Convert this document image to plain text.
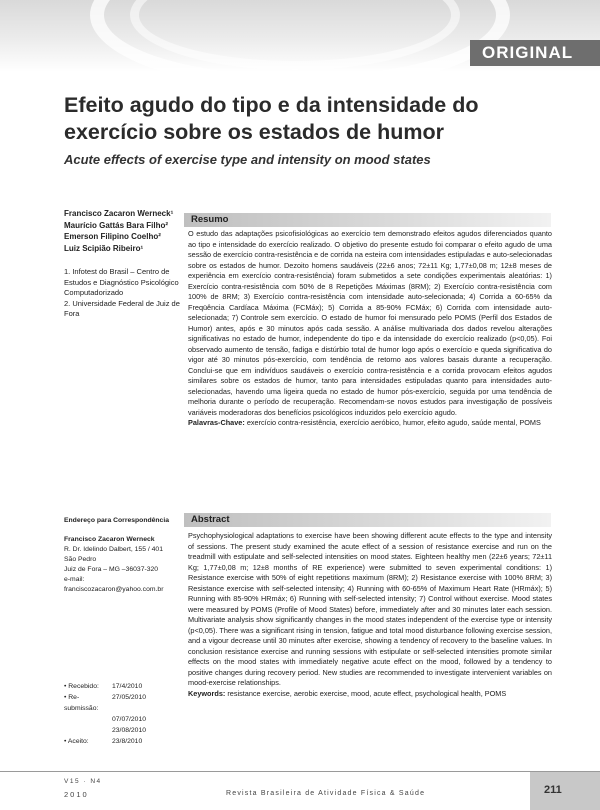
ORIGINAL
Efeito agudo do tipo e da intensidade do
exercício sobre os estados de humor
Acute effects of exercise type and intensity on mood states
Francisco Zacaron Werneck¹
Maurício Gattás Bara Filho²
Emerson Filipino Coelho²
Luiz Scipião Ribeiro¹
1. Infotest do Brasil – Centro de Estudos e Diagnóstico Psicológico Computadorizado
2. Universidade Federal de Juiz de Fora
Endereço para Correspondência
Francisco Zacaron Werneck
R. Dr. Idelindo Dalbert, 155 / 401
São Pedro
Juiz de Fora – MG –36037-320
e-mail: franciscozacaron@yahoo.com.br
• Recebido:	17/4/2010
• Re-submissão:
27/05/2010
07/07/2010
23/08/2010
• Aceito:	23/8/2010
Resumo

O estudo das adaptações psicofisiológicas ao exercício tem demonstrado efeitos agudos diferenciados quanto ao tipo e intensidade do exercício realizado. O objetivo do presente estudo foi comparar o efeito agudo de uma sessão de exercício contra-resistência e de corrida na esteira com intensidades estipuladas e auto-selecionadas sobre os estados de humor. Dezoito homens saudáveis (22±6 anos; 72±11 Kg; 1,77±0,08 m; 12±8 meses de experiência em exercício contra-resistência) foram submetidos a sete condições experimentais aleatórias: 1) Exercício contra-resistência com 50% de 8 Repetições Máximas (8RM); 2) Exercício contra-resistência com 100% de 8RM; 3) Exercício contra-resistência com intensidade auto-selecionada; 4) Corrida a 60-65% da Freqüência Cardíaca Máxima (FCMáx); 5) Corrida a 85-90% FCMáx; 6) Corrida com intensidade auto-selecionada; 7) Controle sem exercício. O estado de humor foi mensurado pelo POMS (Perfil dos Estados de Humor) antes, após e 30 minutos após cada sessão. A análise multivariada dos dados revelou alterações significativas no estado de humor, independente do tipo e da intensidade do exercício realizado (p<0,05). Foi observado aumento de tensão, fadiga e distúrbio total de humor logo após o exercício e queda significativa do vigor até 30 minutos pós-exercício, com tendência de retorno aos valores basais durante a recuperação. Conclui-se que em indivíduos saudáveis o exercício contra-resistência e a corrida provocam efeitos agudos similares sobre os estados de humor, tanto para intensidades estipuladas quanto para intensidades auto-selecionadas, havendo uma ligeira queda no estado de humor pós-exercício, seguida por uma tendência de melhoria durante o período de recuperação. Recomendam-se novos estudos para investigação de possíveis variáveis moderadoras dos benefícios psicológicos induzidos pelo exercício agudo.

Palavras-Chave: exercício contra-resistência, exercício aeróbico, humor, efeito agudo, saúde mental, POMS

Abstract

Psychophysiological adaptations to exercise have been showing different acute effects to the type and intensity of sessions. The present study examined the acute effect of a session of resistance exercise and run on the treadmill with estipulate and self-selected intensities on mood states. Eighteen healthy men (22±6 years; 72±11 Kg; 1,77±0,08 m; 12±8 months of RE experience) were submitted to seven experimental conditions: 1) Resistance exercise with 50% of eight repetitions maximum (8RM); 2) Resistance exercise with 100% 8RM; 3) Resistance exercise with self-selected intensity; 4) Running with 60-65% of Maximum Heart Rate (HRmáx); 5) Running with 85-90% HRmáx; 6) Running with self-selected intensity; 7) Control without exercise. Mood states were measured by POMS (Profile of Mood States) before, immediately after and 30 minutes later each session. Multivariate analysis show significantly changes in the mood states independent of the exercise type or intensity (p<0,05). There was a significant rising in tension, fatigue and total mood disturbance following exercise session, and a vigour decrease until 30 minutes after exercise, showing a tendency of recovery to the baseline values. In conclusion resistance exercise and running sessions with estipulate or self-selected intensities promote similar effects on the mood states with immediately negative acute effect on the mood, followed by a tendency to positive changes during recovery period. New studies are recommended to investigate intervenient variables on mood-exercise relationships.

Keywords: resistance exercise, aerobic exercise, mood, acute effect, psychological health, POMS

V15 · N4
2010	Revista Brasileira de Atividade Física & Saúde	211
